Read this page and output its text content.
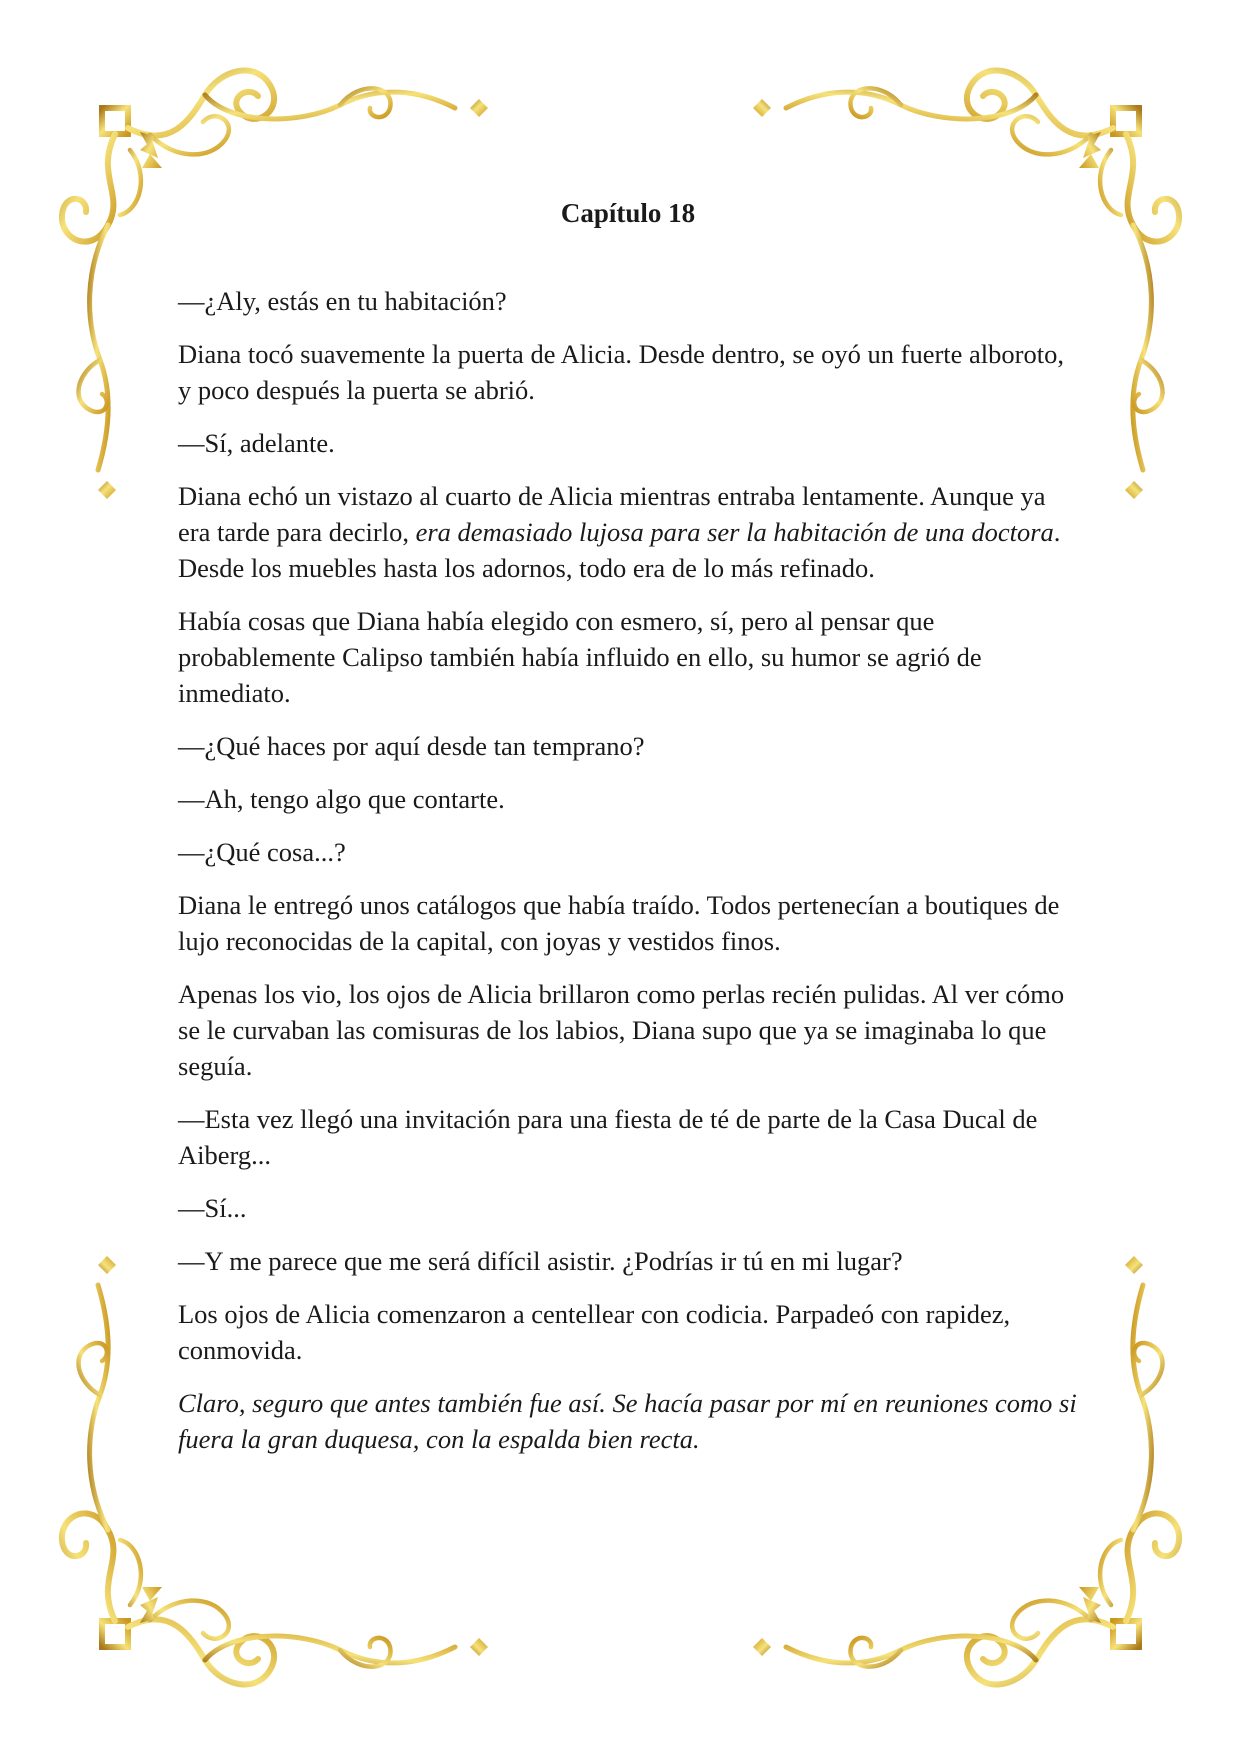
Capítulo 18

—¿Aly, estás en tu habitación?

Diana tocó suavemente la puerta de Alicia. Desde dentro, se oyó un fuerte alboroto, y poco después la puerta se abrió.

—Sí, adelante.

Diana echó un vistazo al cuarto de Alicia mientras entraba lentamente. Aunque ya era tarde para decirlo, era demasiado lujosa para ser la habitación de una doctora. Desde los muebles hasta los adornos, todo era de lo más refinado.

Había cosas que Diana había elegido con esmero, sí, pero al pensar que probablemente Calipso también había influido en ello, su humor se agrió de inmediato.

—¿Qué haces por aquí desde tan temprano?

—Ah, tengo algo que contarte.

—¿Qué cosa...?

Diana le entregó unos catálogos que había traído. Todos pertenecían a boutiques de lujo reconocidas de la capital, con joyas y vestidos finos.

Apenas los vio, los ojos de Alicia brillaron como perlas recién pulidas. Al ver cómo se le curvaban las comisuras de los labios, Diana supo que ya se imaginaba lo que seguía.

—Esta vez llegó una invitación para una fiesta de té de parte de la Casa Ducal de Aiberg...

—Sí...

—Y me parece que me será difícil asistir. ¿Podrías ir tú en mi lugar?

Los ojos de Alicia comenzaron a centellear con codicia. Parpadeó con rapidez, conmovida.

Claro, seguro que antes también fue así. Se hacía pasar por mí en reuniones como si fuera la gran duquesa, con la espalda bien recta.
